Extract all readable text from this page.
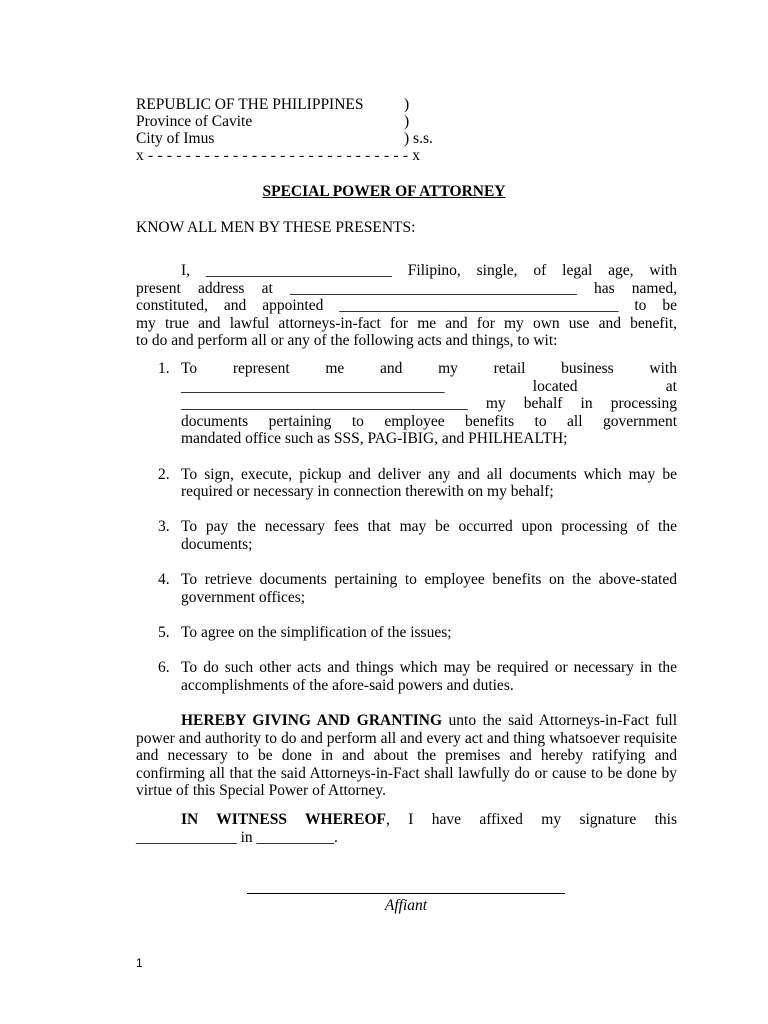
REPUBLIC OF THE PHILIPPINES	)
Province of Cavite	)
City of Imus	) s.s.
x - - - - - - - - - - - - - - - - - - - - - - - - - - - - x
SPECIAL POWER OF ATTORNEY
KNOW ALL MEN BY THESE PRESENTS:
I, ________________________ Filipino, single, of legal age, with
present address at _____________________________________ has named,
constituted, and appointed ____________________________________ to be
my true and lawful attorneys-in-fact for me and for my own use and benefit,
to do and perform all or any of the following acts and things, to wit:
1. To represent me and my retail business with
__________________________________ located at
_____________________________________ my behalf in processing
documents pertaining to employee benefits to all government
mandated office such as SSS, PAG-IBIG, and PHILHEALTH;
2. To sign, execute, pickup and deliver any and all documents which may be required or necessary in connection therewith on my behalf;
3. To pay the necessary fees that may be occurred upon processing of the documents;
4. To retrieve documents pertaining to employee benefits on the above-stated government offices;
5. To agree on the simplification of the issues;
6. To do such other acts and things which may be required or necessary in the accomplishments of the afore-said powers and duties.
HEREBY GIVING AND GRANTING unto the said Attorneys-in-Fact full power and authority to do and perform all and every act and thing whatsoever requisite and necessary to be done in and about the premises and hereby ratifying and confirming all that the said Attorneys-in-Fact shall lawfully do or cause to be done by virtue of this Special Power of Attorney.
IN WITNESS WHEREOF, I have affixed my signature this
_____________ in __________.
Affiant
1
